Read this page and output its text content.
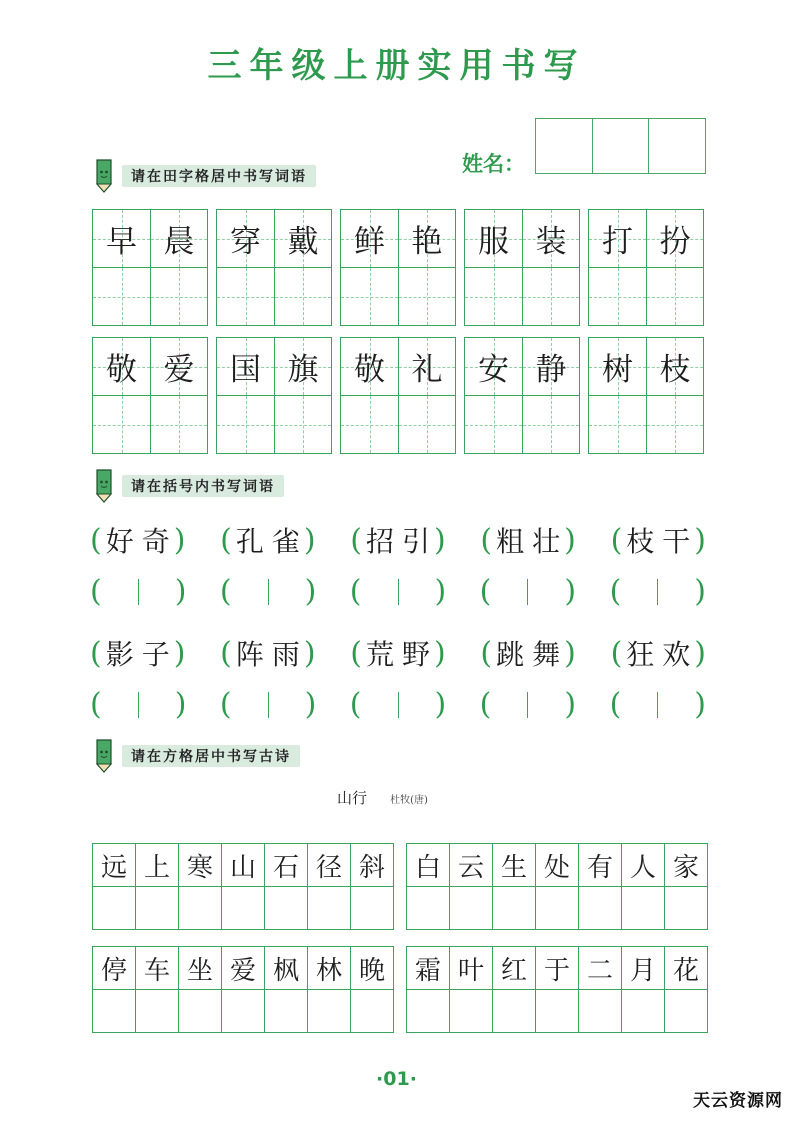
三年级上册实用书写
姓名：
请在田字格居中书写词语
早 晨 穿 戴 鲜 艳 服 装 打 扮
敬 爱 国 旗 敬 礼 安 静 树 枝
请在括号内书写词语
( 好 奇 ) ( 孔 雀 ) ( 招 引 ) ( 粗 壮 ) ( 枝 干 )
( ) ( ) ( ) ( ) ( )
( 影 子 ) ( 阵 雨 ) ( 荒 野 ) ( 跳 舞 ) ( 狂 欢 )
( ) ( ) ( ) ( ) ( )
请在方格居中书写古诗
山行 杜牧(唐)
远 上 寒 山 石 径 斜	白 云 生 处 有 人 家
停 车 坐 爱 枫 林 晚	霜 叶 红 于 二 月 花
·01·
天云资源网
